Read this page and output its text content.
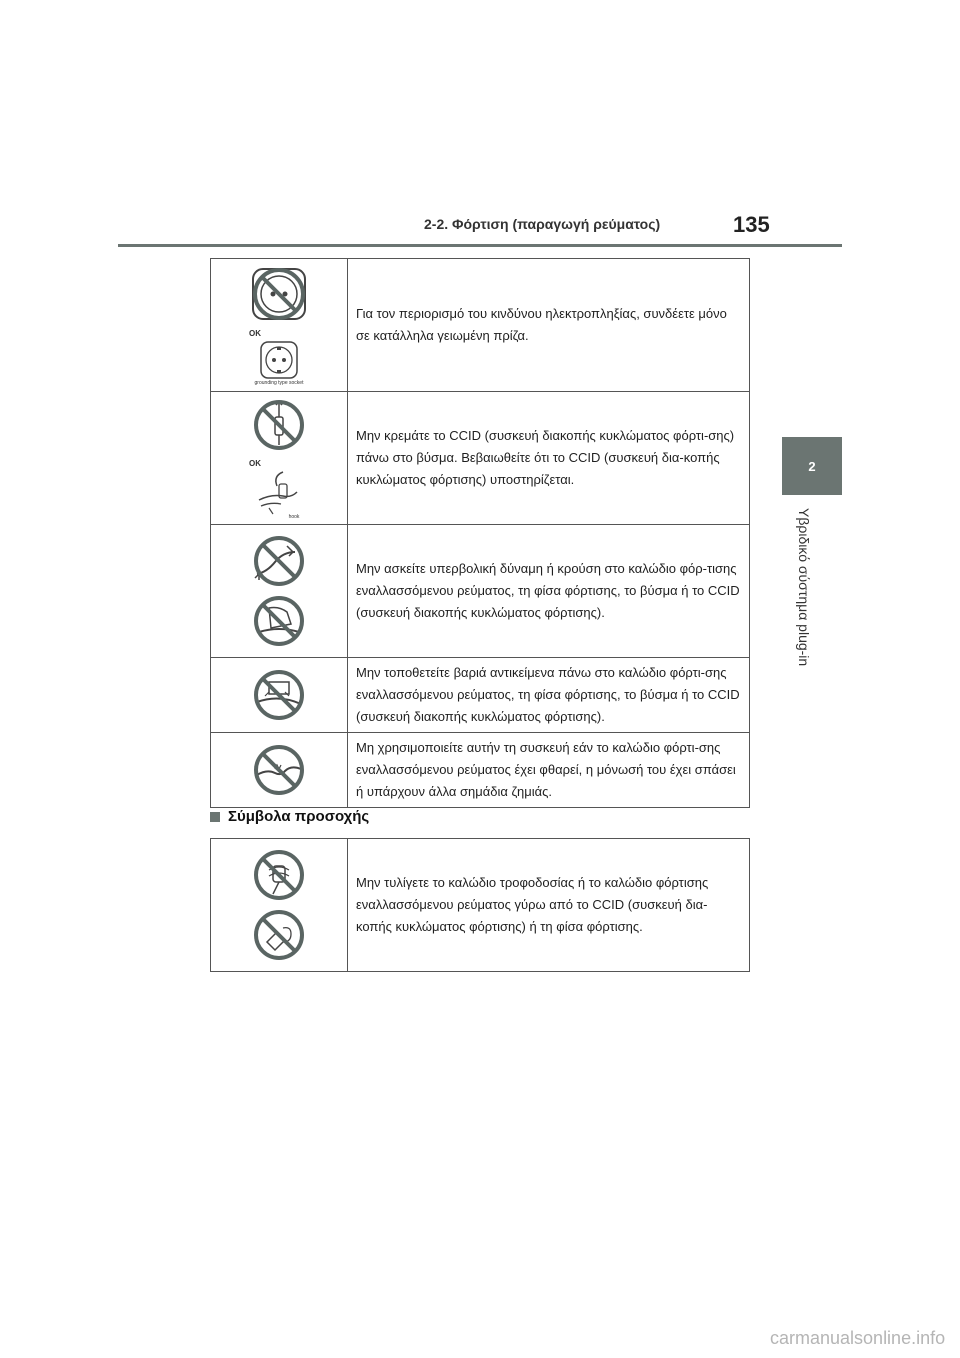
2-2. Φόρτιση (παραγωγή ρεύματος)	135
2
Υβριδικό σύστημα plug-in
OK
grounding type socket	Για τον περιορισμό του κινδύνου ηλεκτροπληξίας, συνδέετε μόνο σε κατάλληλα γειωμένη πρίζα.

OK
hook	Μην κρεμάτε το CCID (συσκευή διακοπής κυκλώματος φόρτι-σης) πάνω στο βύσμα. Βεβαιωθείτε ότι το CCID (συσκευή δια-κοπής κυκλώματος φόρτισης) υποστηρίζεται.

	Μην ασκείτε υπερβολική δύναμη ή κρούση στο καλώδιο φόρ-τισης εναλλασσόμενου ρεύματος, τη φίσα φόρτισης, το βύσμα ή το CCID (συσκευή διακοπής κυκλώματος φόρτισης).

	Μην τοποθετείτε βαριά αντικείμενα πάνω στο καλώδιο φόρτι-σης εναλλασσόμενου ρεύματος, τη φίσα φόρτισης, το βύσμα ή το CCID (συσκευή διακοπής κυκλώματος φόρτισης).

	Μη χρησιμοποιείτε αυτήν τη συσκευή εάν το καλώδιο φόρτι-σης εναλλασσόμενου ρεύματος έχει φθαρεί, η μόνωσή του έχει σπάσει ή υπάρχουν άλλα σημάδια ζημιάς.
Σύμβολα προσοχής
	Μην τυλίγετε το καλώδιο τροφοδοσίας ή το καλώδιο φόρτισης εναλλασσόμενου ρεύματος γύρω από το CCID (συσκευή δια-κοπής κυκλώματος φόρτισης) ή τη φίσα φόρτισης.
carmanualsonline.info
